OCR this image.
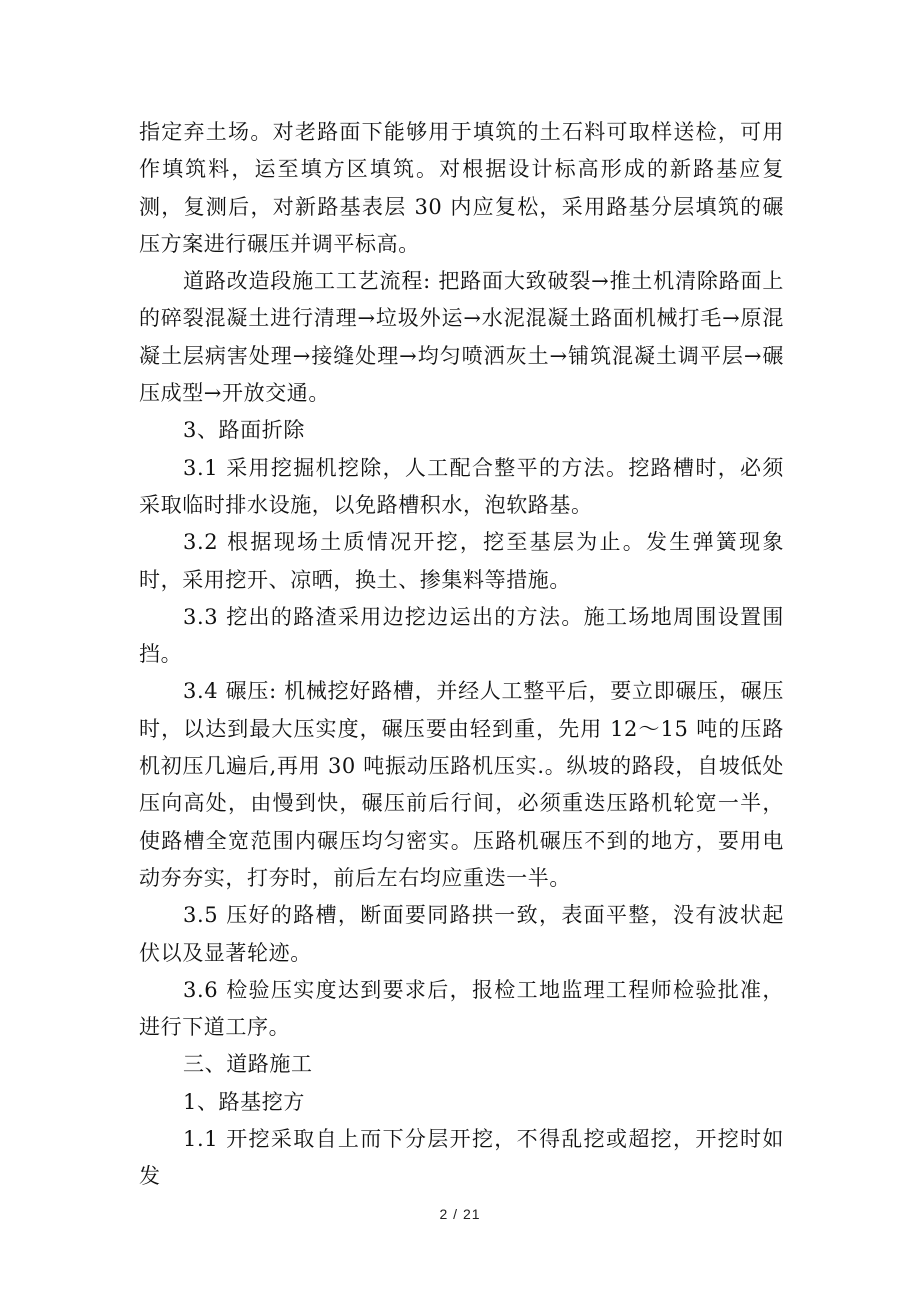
指定弃土场。对老路面下能够用于填筑的土石料可取样送检，可用作填筑料，运至填方区填筑。对根据设计标高形成的新路基应复测，复测后，对新路基表层 30 内应复松，采用路基分层填筑的碾压方案进行碾压并调平标高。

道路改造段施工工艺流程: 把路面大致破裂→推土机清除路面上的碎裂混凝土进行清理→垃圾外运→水泥混凝土路面机械打毛→原混凝土层病害处理→接缝处理→均匀喷洒灰土→铺筑混凝土调平层→碾压成型→开放交通。

3、路面折除

3.1 采用挖掘机挖除，人工配合整平的方法。挖路槽时，必须采取临时排水设施，以免路槽积水，泡软路基。

3.2 根据现场土质情况开挖，挖至基层为止。发生弹簧现象时，采用挖开、凉晒，换土、掺集料等措施。

3.3 挖出的路渣采用边挖边运出的方法。施工场地周围设置围挡。

3.4 碾压: 机械挖好路槽，并经人工整平后，要立即碾压，碾压时，以达到最大压实度，碾压要由轻到重，先用 12～15 吨的压路机初压几遍后,再用 30 吨振动压路机压实.。纵坡的路段，自坡低处压向高处，由慢到快，碾压前后行间，必须重迭压路机轮宽一半，使路槽全宽范围内碾压均匀密实。压路机碾压不到的地方，要用电动夯夯实，打夯时，前后左右均应重迭一半。

3.5 压好的路槽，断面要同路拱一致，表面平整，没有波状起伏以及显著轮迹。

3.6 检验压实度达到要求后，报检工地监理工程师检验批准，进行下道工序。

三、道路施工

1、路基挖方

1.1 开挖采取自上而下分层开挖，不得乱挖或超挖，开挖时如发

2 / 21
